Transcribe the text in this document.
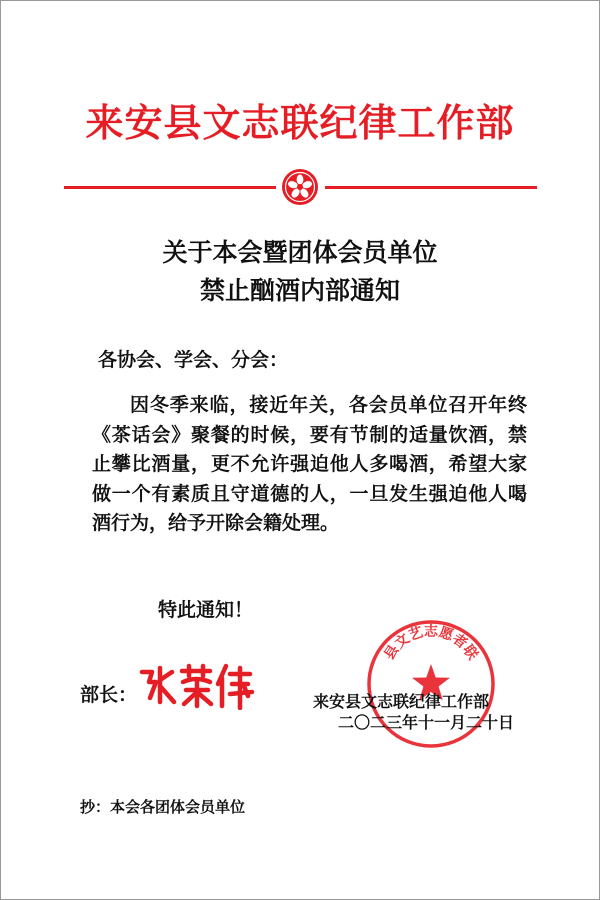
来安县文志联纪律工作部
关于本会暨团体会员单位
禁止酗酒内部通知
各协会、学会、分会：

因冬季来临，接近年关，各会员单位召开年终《茶话会》聚餐的时候，要有节制的适量饮酒，禁止攀比酒量，更不允许强迫他人多喝酒，希望大家做一个有素质且守道德的人，一旦发生强迫他人喝酒行为，给予开除会籍处理。

特此通知！
部长：
县文艺志愿者联
来安县文志联纪律工作部
二〇二三年十一月二十日
抄：本会各团体会员单位
